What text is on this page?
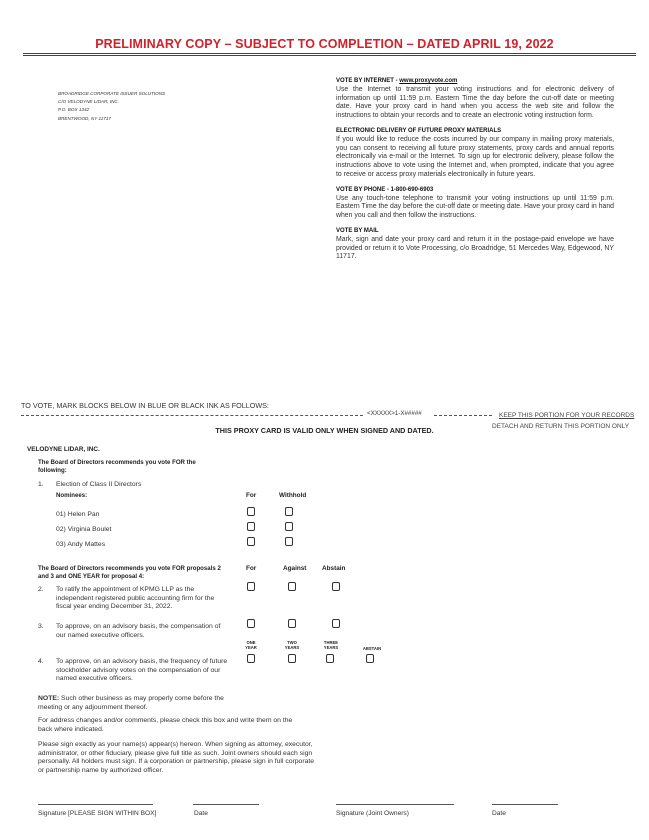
PRELIMINARY COPY – SUBJECT TO COMPLETION – DATED APRIL 19, 2022
BROADRIDGE CORPORATE ISSUER SOLUTIONS
C/O VELODYNE LIDAR, INC.
P.O. BOX 1342
BRENTWOOD, NY 11717
VOTE BY INTERNET - www.proxyvote.com

Use the Internet to transmit your voting instructions and for electronic delivery of information up until 11:59 p.m. Eastern Time the day before the cut-off date or meeting date. Have your proxy card in hand when you access the web site and follow the instructions to obtain your records and to create an electronic voting instruction form.

ELECTRONIC DELIVERY OF FUTURE PROXY MATERIALS

If you would like to reduce the costs incurred by our company in mailing proxy materials, you can consent to receiving all future proxy statements, proxy cards and annual reports electronically via e-mail or the Internet. To sign up for electronic delivery, please follow the instructions above to vote using the Internet and, when prompted, indicate that you agree to receive or access proxy materials electronically in future years.

VOTE BY PHONE - 1-800-690-6903

Use any touch-tone telephone to transmit your voting instructions up until 11:59 p.m. Eastern Time the day before the cut-off date or meeting date. Have your proxy card in hand when you call and then follow the instructions.

VOTE BY MAIL

Mark, sign and date your proxy card and return it in the postage-paid envelope we have provided or return it to Vote Processing, c/o Broadridge, 51 Mercedes Way, Edgewood, NY 11717.

TO VOTE, MARK BLOCKS BELOW IN BLUE OR BLACK INK AS FOLLOWS:
<XXXXX>1-X#####	KEEP THIS PORTION FOR YOUR RECORDS
THIS PROXY CARD IS VALID ONLY WHEN SIGNED AND DATED.	DETACH AND RETURN THIS PORTION ONLY
VELODYNE LIDAR, INC.
The Board of Directors recommends you vote FOR the following:
1. Election of Class II Directors
Nominees:	For	Withhold
01) Helen Pan
02) Virginia Boulet
03) Andy Mattes
The Board of Directors recommends you vote FOR proposals 2 and 3 and ONE YEAR for proposal 4:
For	Against Abstain
2. To ratify the appointment of KPMG LLP as the independent registered public accounting firm for the fiscal year ending December 31, 2022.
3. To approve, on an advisory basis, the compensation of our named executive officers.
ONE YEAR
TWO YEARS
THREE YEARS	ABSTAIN
4. To approve, on an advisory basis, the frequency of future stockholder advisory votes on the compensation of our named executive officers.
NOTE: Such other business as may properly come before the meeting or any adjournment thereof.
For address changes and/or comments, please check this box and write them on the back where indicated.
Please sign exactly as your name(s) appear(s) hereon. When signing as attorney, executor, administrator, or other fiduciary, please give full title as such. Joint owners should each sign personally. All holders must sign. If a corporation or partnership, please sign in full corporate or partnership name by authorized officer.
Signature [PLEASE SIGN WITHIN BOX]	Date	Signature (Joint Owners)	Date
